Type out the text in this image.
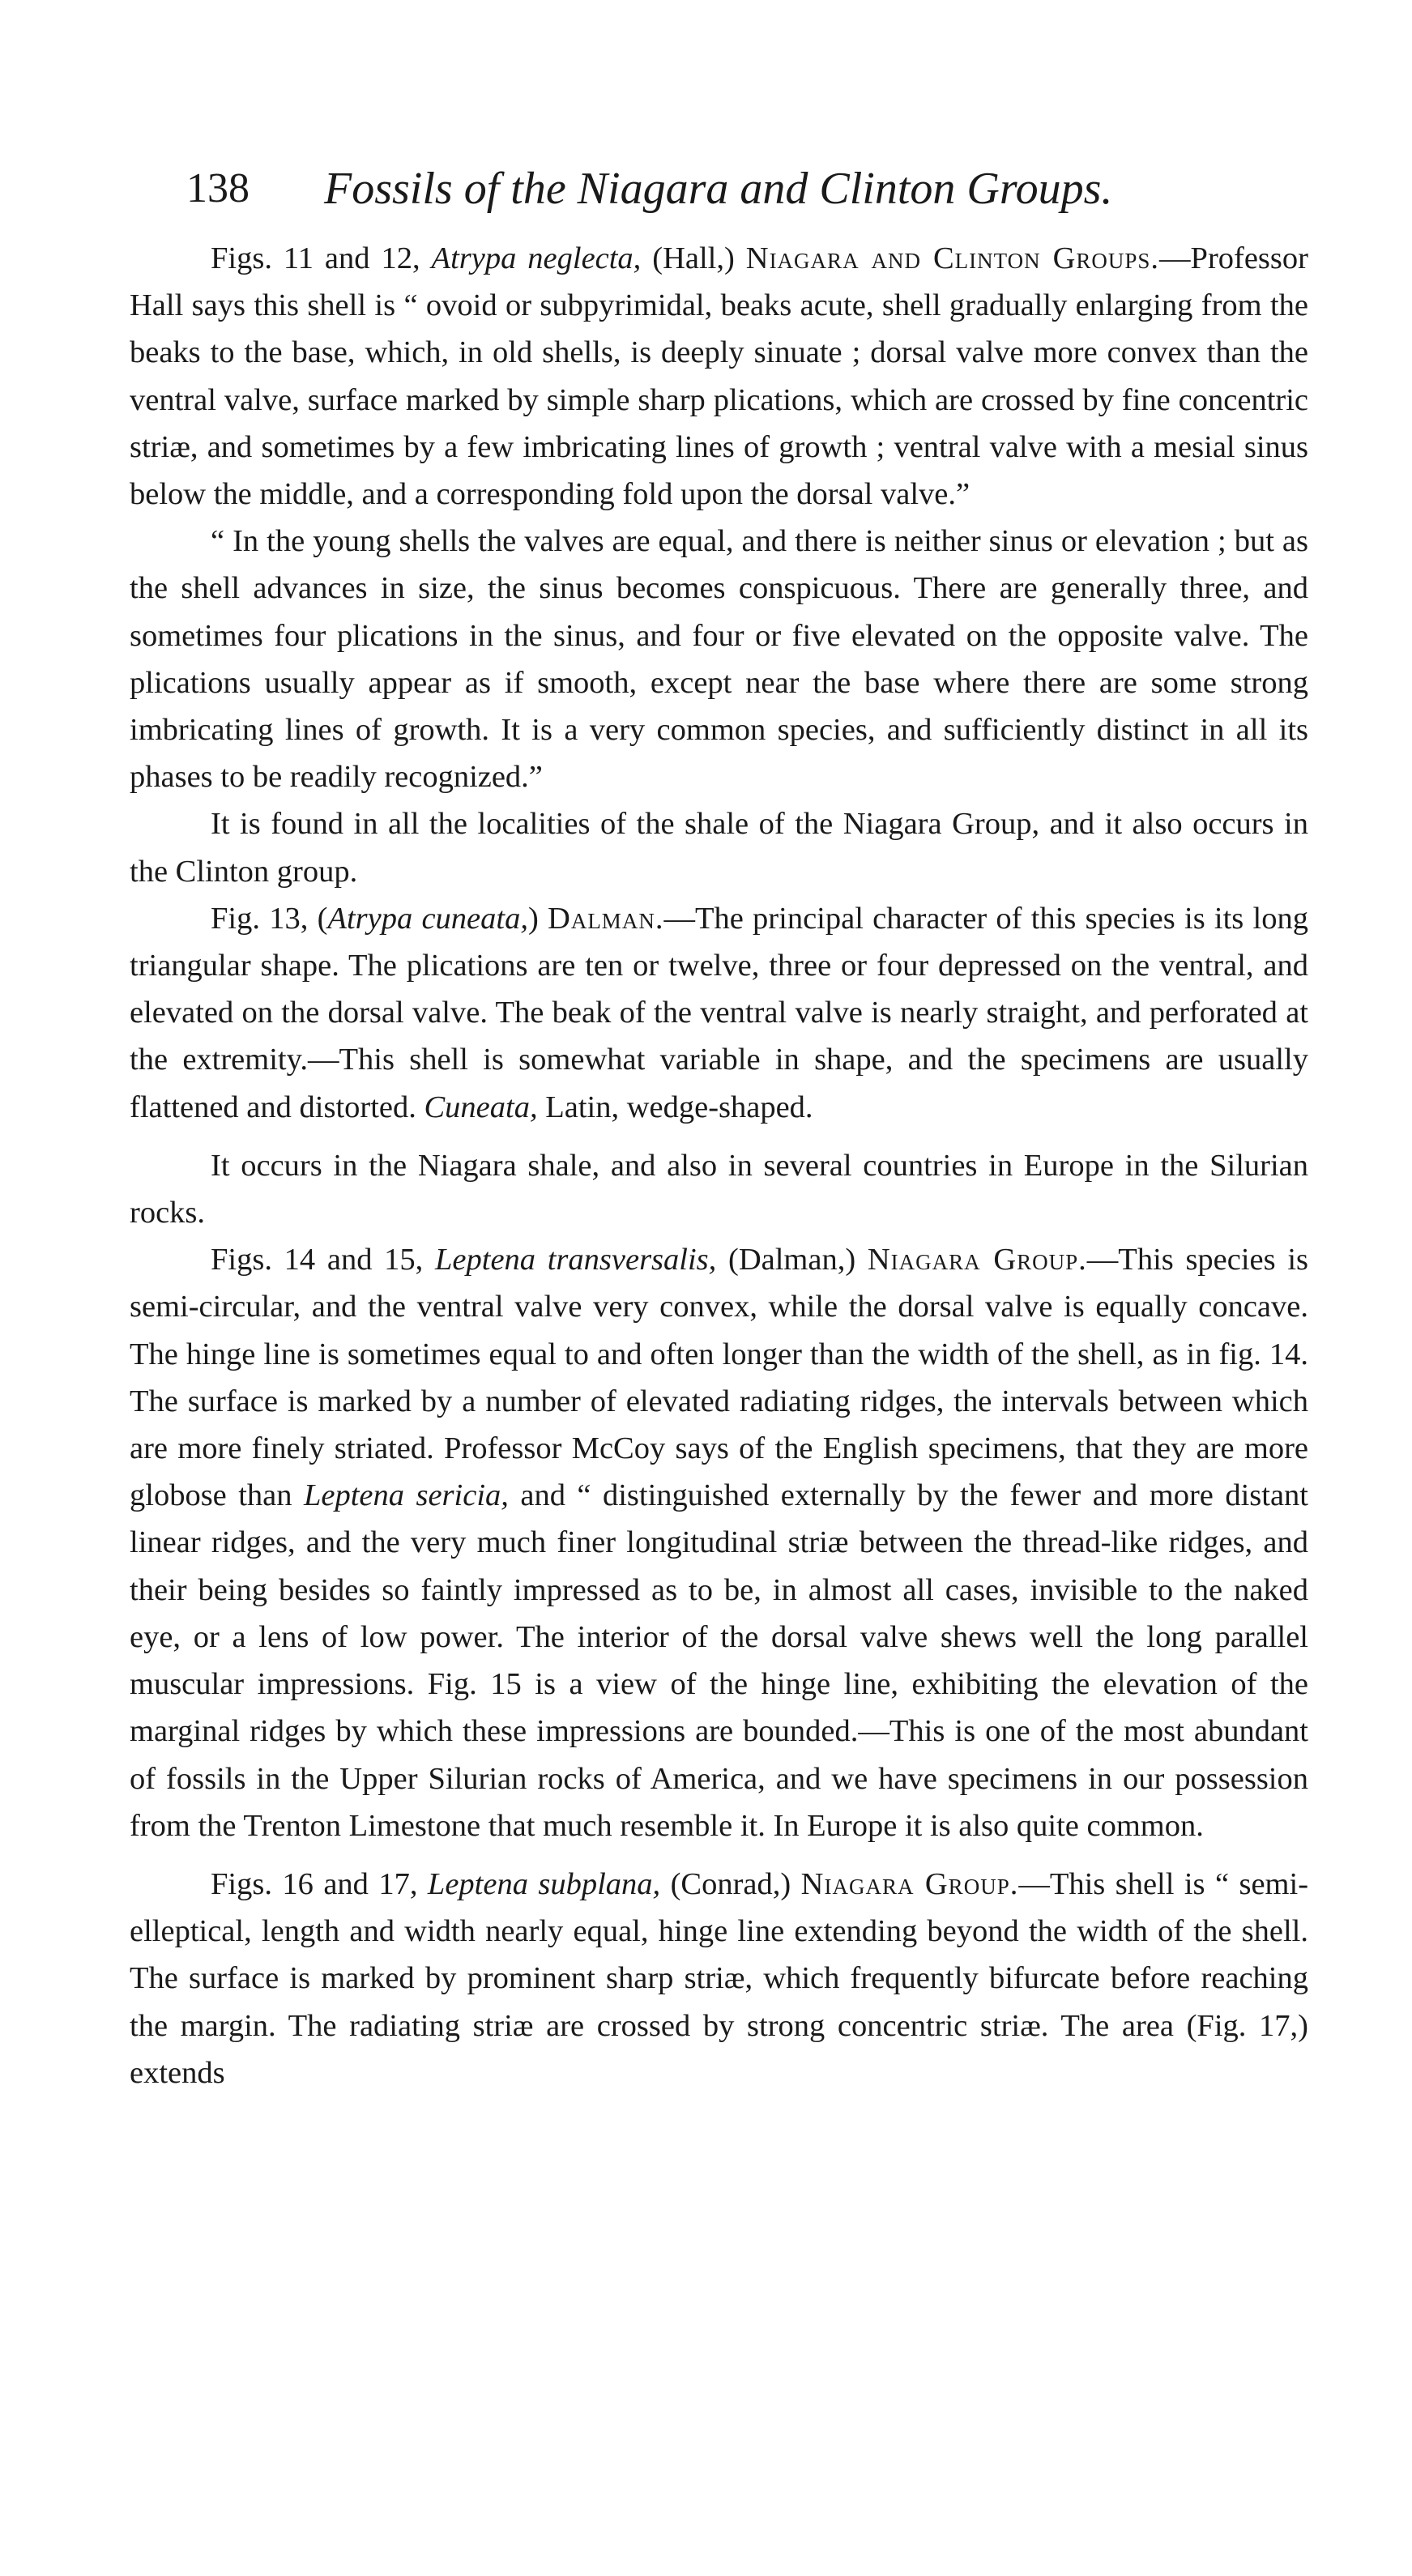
138 Fossils of the Niagara and Clinton Groups.

Figs. 11 and 12, Atrypa neglecta, (Hall,) Niagara and Clinton Groups.—Professor Hall says this shell is “ ovoid or subpyrimidal, beaks acute, shell gradually enlarging from the beaks to the base, which, in old shells, is deeply sinuate ; dorsal valve more convex than the ventral valve, surface marked by simple sharp plications, which are crossed by fine concentric striæ, and sometimes by a few imbricating lines of growth ; ventral valve with a mesial sinus below the middle, and a corresponding fold upon the dorsal valve.”

“ In the young shells the valves are equal, and there is neither sinus or elevation ; but as the shell advances in size, the sinus becomes conspicuous. There are generally three, and sometimes four plications in the sinus, and four or five elevated on the opposite valve. The plications usually appear as if smooth, except near the base where there are some strong imbricating lines of growth. It is a very common species, and sufficiently distinct in all its phases to be readily recognized.”

It is found in all the localities of the shale of the Niagara Group, and it also occurs in the Clinton group.

Fig. 13, (Atrypa cuneata,) Dalman.—The principal character of this species is its long triangular shape. The plications are ten or twelve, three or four depressed on the ventral, and elevated on the dorsal valve. The beak of the ventral valve is nearly straight, and perforated at the extremity.—This shell is somewhat variable in shape, and the specimens are usually flattened and distorted. Cuneata, Latin, wedge-shaped.

It occurs in the Niagara shale, and also in several countries in Europe in the Silurian rocks.

Figs. 14 and 15, Leptena transversalis, (Dalman,) Niagara Group.—This species is semi-circular, and the ventral valve very convex, while the dorsal valve is equally concave. The hinge line is sometimes equal to and often longer than the width of the shell, as in fig. 14. The surface is marked by a number of elevated radiating ridges, the intervals between which are more finely striated. Professor McCoy says of the English specimens, that they are more globose than Leptena sericia, and “ distinguished externally by the fewer and more distant linear ridges, and the very much finer longitudinal striæ between the thread-like ridges, and their being besides so faintly impressed as to be, in almost all cases, invisible to the naked eye, or a lens of low power. The interior of the dorsal valve shews well the long parallel muscular impressions. Fig. 15 is a view of the hinge line, exhibiting the elevation of the marginal ridges by which these impressions are bounded.—This is one of the most abundant of fossils in the Upper Silurian rocks of America, and we have specimens in our possession from the Trenton Limestone that much resemble it. In Europe it is also quite common.

Figs. 16 and 17, Leptena subplana, (Conrad,) Niagara Group.—This shell is “ semi-elleptical, length and width nearly equal, hinge line extending beyond the width of the shell. The surface is marked by prominent sharp striæ, which frequently bifurcate before reaching the margin. The radiating striæ are crossed by strong concentric striæ. The area (Fig. 17,) extends
